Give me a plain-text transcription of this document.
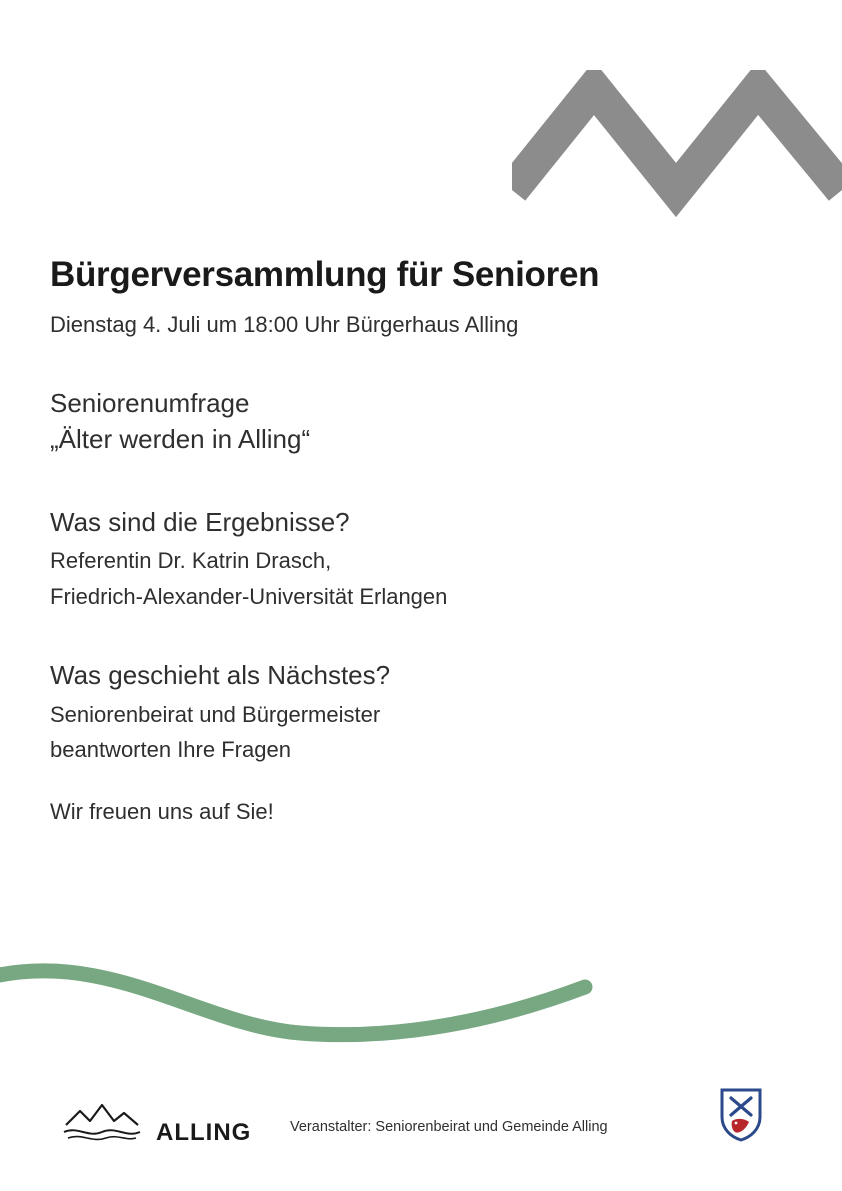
Bürgerversammlung für Senioren

Dienstag 4. Juli um 18:00 Uhr Bürgerhaus Alling

Seniorenumfrage
„Älter werden in Alling“
Was sind die Ergebnisse?

Referentin Dr. Katrin Drasch,

Friedrich-Alexander-Universität Erlangen

Was geschieht als Nächstes?

Seniorenbeirat und Bürgermeister

beantworten Ihre Fragen

Wir freuen uns auf Sie!

ALLING	Veranstalter: Seniorenbeirat und Gemeinde Alling
